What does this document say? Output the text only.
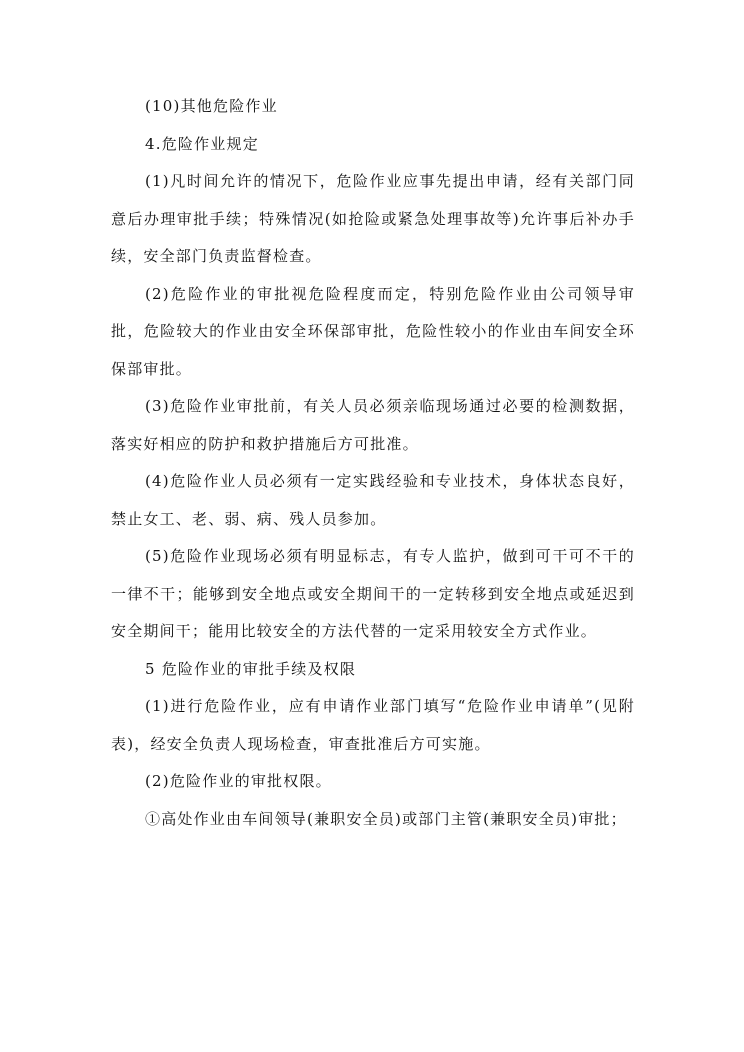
(10)其他危险作业

4.危险作业规定

(1)凡时间允许的情况下，危险作业应事先提出申请，经有关部门同意后办理审批手续；特殊情况(如抢险或紧急处理事故等)允许事后补办手续，安全部门负责监督检查。

(2)危险作业的审批视危险程度而定，特别危险作业由公司领导审批，危险较大的作业由安全环保部审批，危险性较小的作业由车间安全环保部审批。

(3)危险作业审批前，有关人员必须亲临现场通过必要的检测数据，落实好相应的防护和救护措施后方可批准。

(4)危险作业人员必须有一定实践经验和专业技术，身体状态良好，禁止女工、老、弱、病、残人员参加。

(5)危险作业现场必须有明显标志，有专人监护，做到可干可不干的一律不干；能够到安全地点或安全期间干的一定转移到安全地点或延迟到安全期间干；能用比较安全的方法代替的一定采用较安全方式作业。

5 危险作业的审批手续及权限

(1)进行危险作业，应有申请作业部门填写“危险作业申请单”(见附表)，经安全负责人现场检查，审查批准后方可实施。

(2)危险作业的审批权限。

①高处作业由车间领导(兼职安全员)或部门主管(兼职安全员)审批；
